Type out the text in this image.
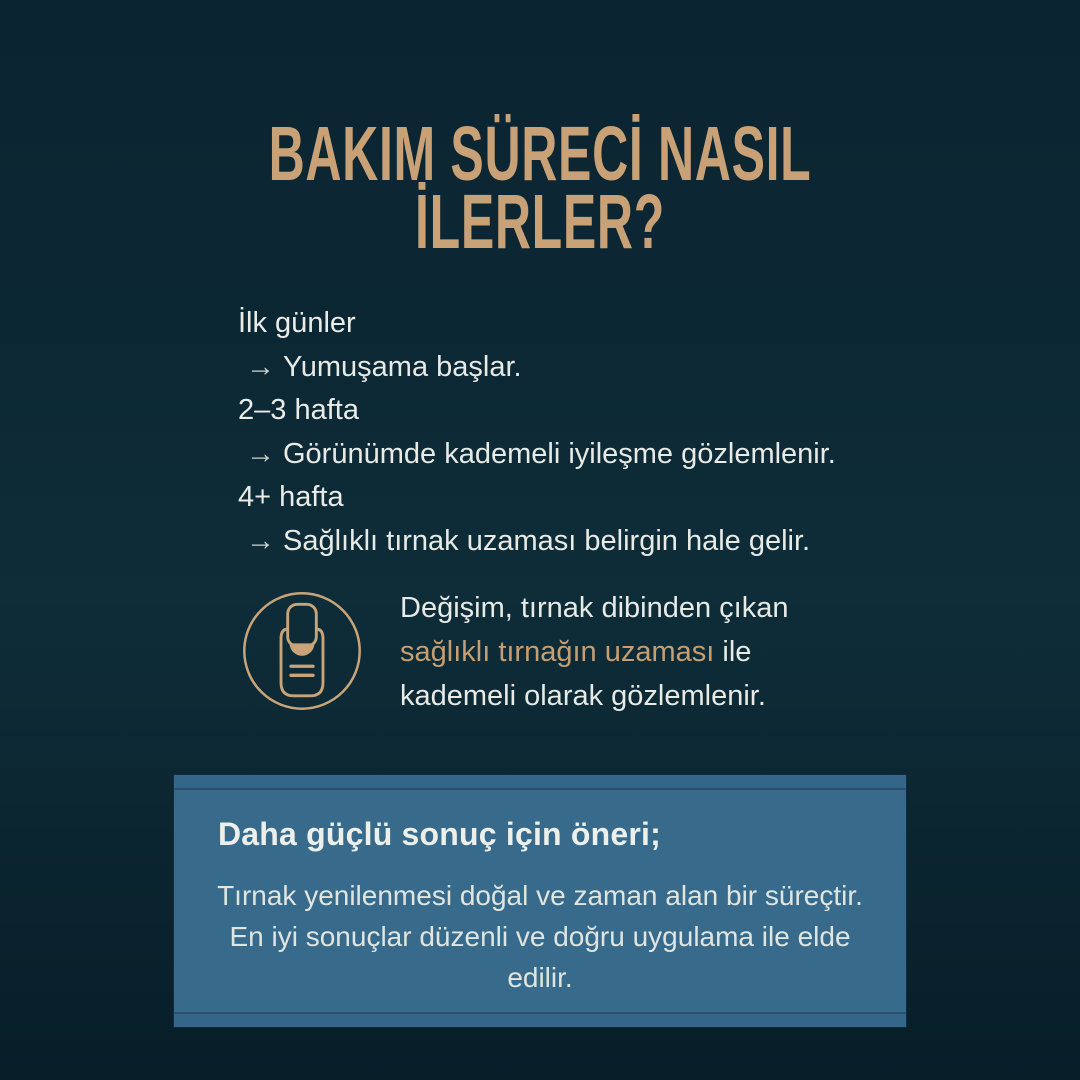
BAKIM SÜRECİ NASIL
İLERLER?
İlk günler
→ Yumuşama başlar.
2–3 hafta
→ Görünümde kademeli iyileşme gözlemlenir.
4+ hafta
→ Sağlıklı tırnak uzaması belirgin hale gelir.

Değişim, tırnak dibinden çıkan sağlıklı tırnağın uzaması ile kademeli olarak gözlemlenir.

Daha güçlü sonuç için öneri;

Tırnak yenilenmesi doğal ve zaman alan bir süreçtir.

En iyi sonuçlar düzenli ve doğru uygulama ile elde edilir.
